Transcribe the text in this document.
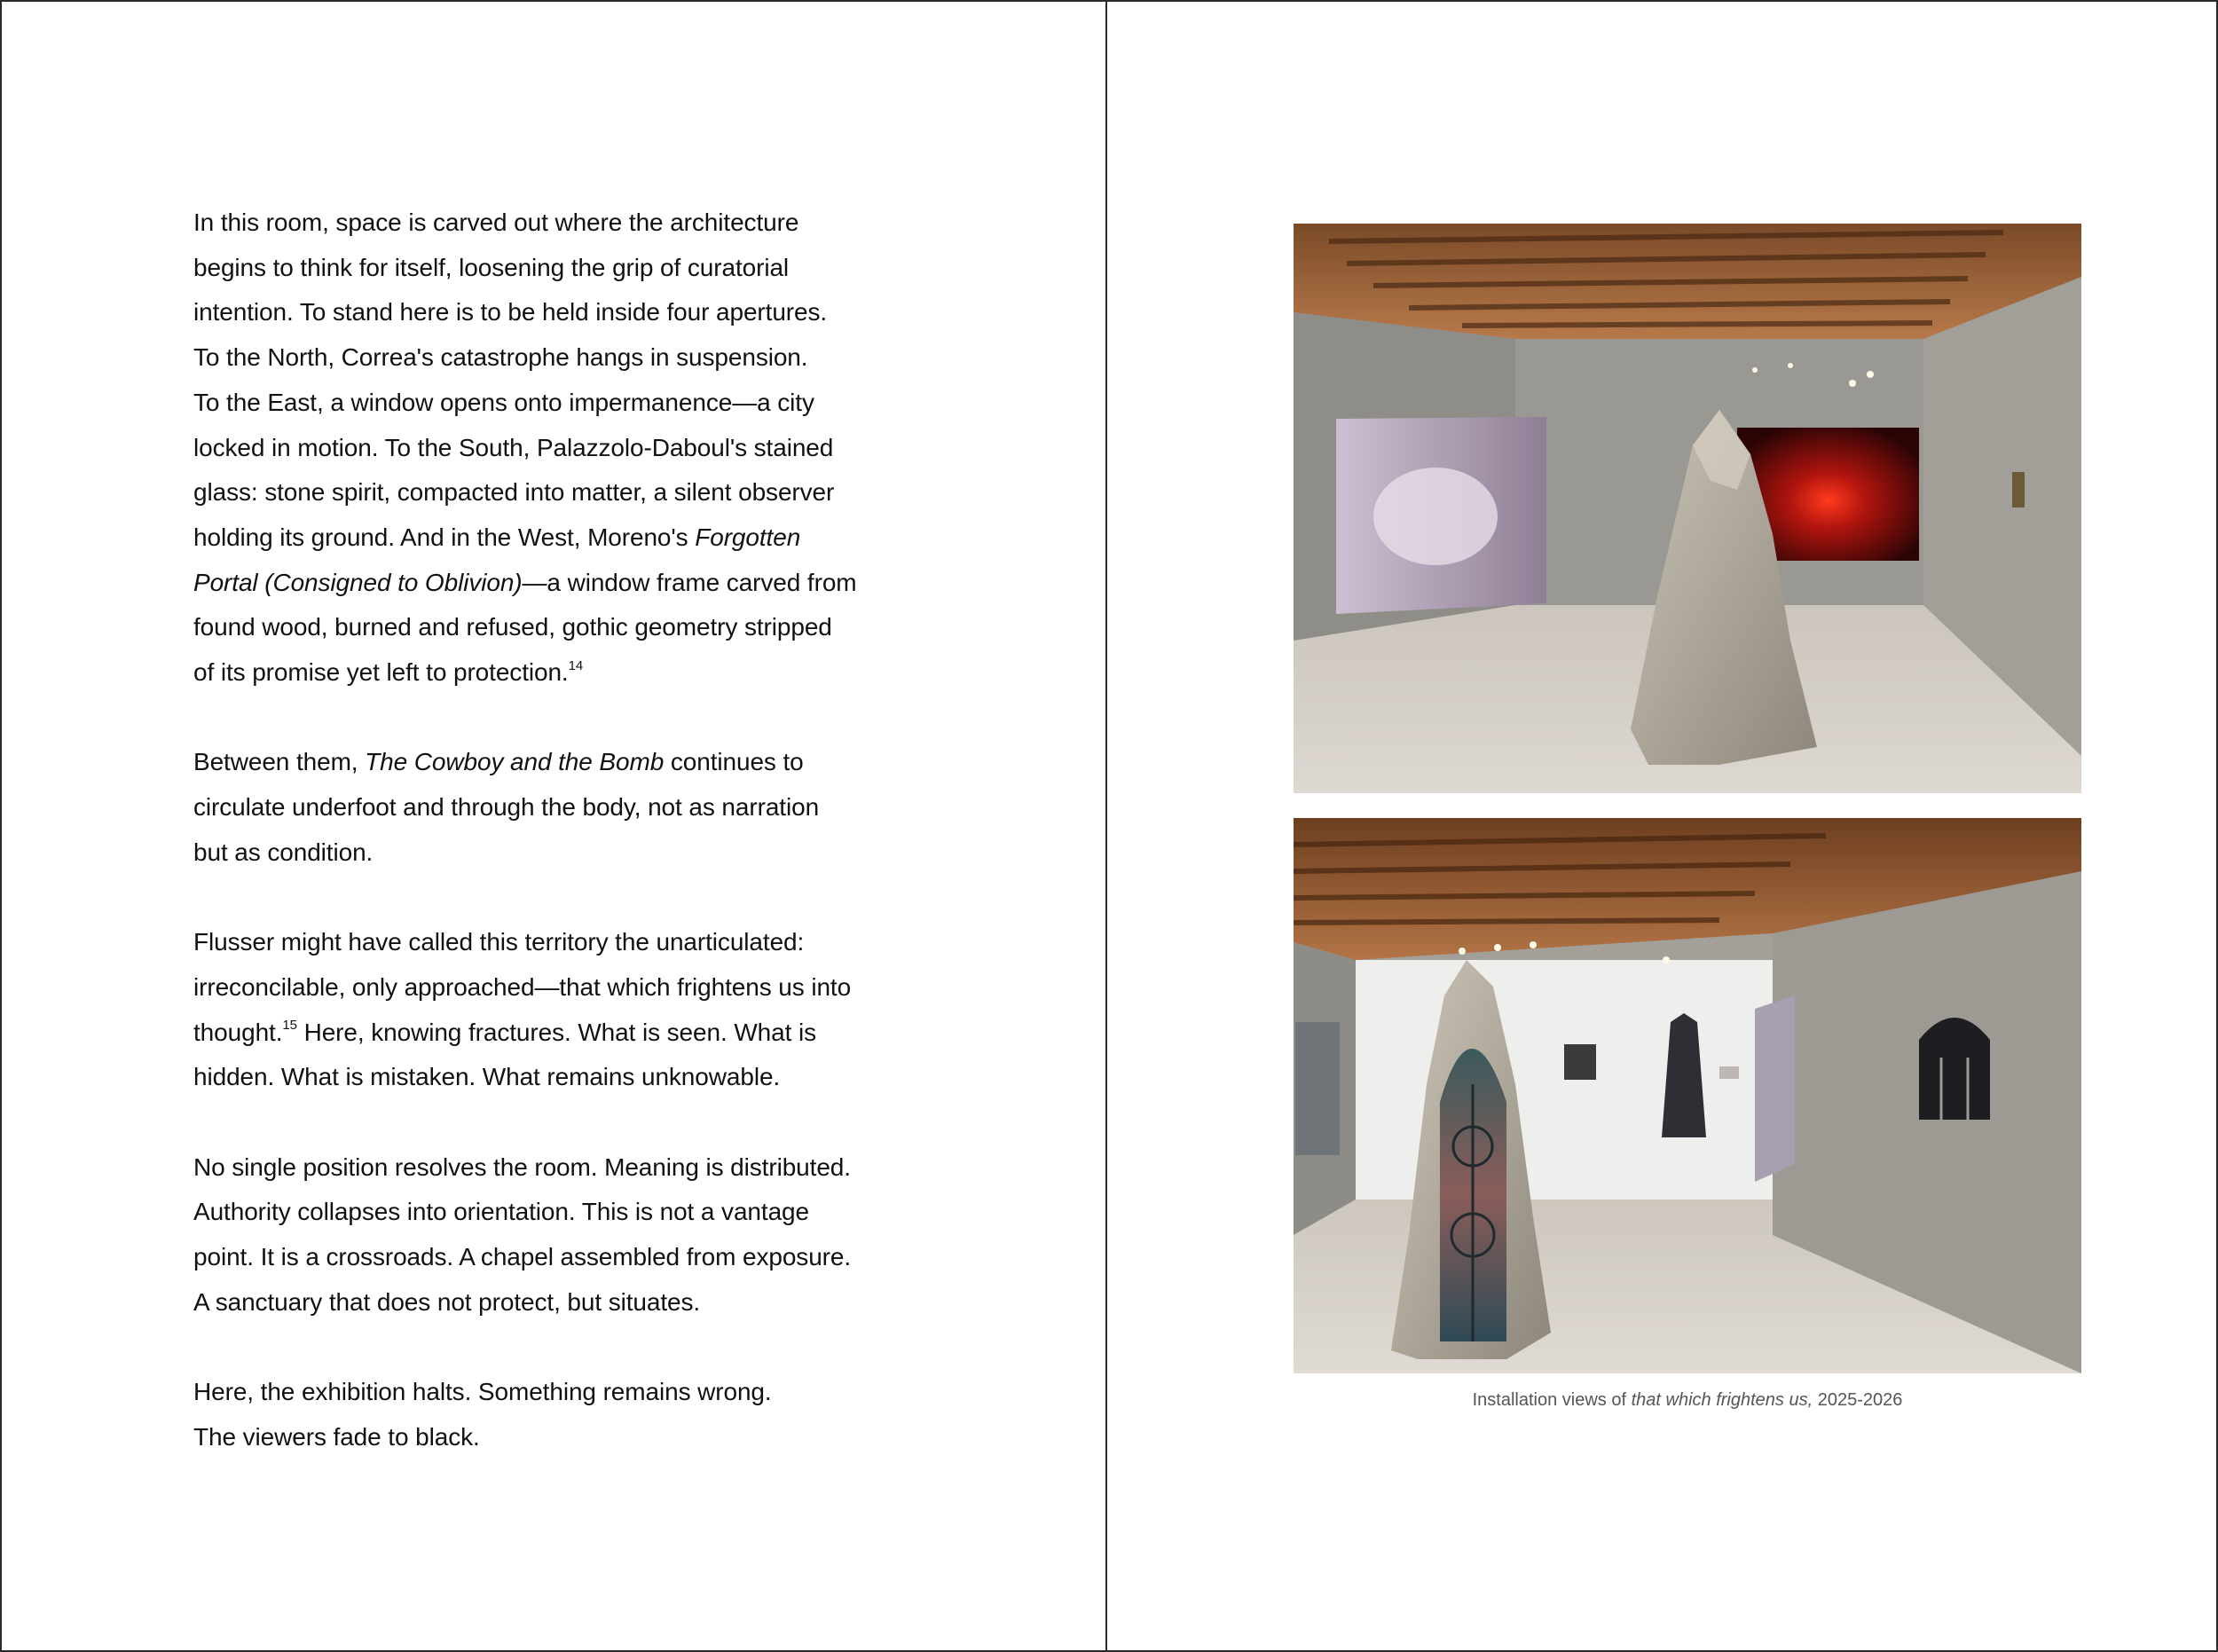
In this room, space is carved out where the architecture
begins to think for itself, loosening the grip of curatorial
intention. To stand here is to be held inside four apertures.
To the North, Correa's catastrophe hangs in suspension.
To the East, a window opens onto impermanence—a city
locked in motion. To the South, Palazzolo-Daboul's stained
glass: stone spirit, compacted into matter, a silent observer
holding its ground. And in the West, Moreno's Forgotten
Portal (Consigned to Oblivion)—a window frame carved from
found wood, burned and refused, gothic geometry stripped
of its promise yet left to protection.$^{14}$

Between them, The Cowboy and the Bomb continues to
circulate underfoot and through the body, not as narration
but as condition.

Flusser might have called this territory the unarticulated:
irreconcilable, only approached—that which frightens us into
thought.$^{15}$ Here, knowing fractures. What is seen. What is
hidden. What is mistaken. What remains unknowable.

No single position resolves the room. Meaning is distributed.
Authority collapses into orientation. This is not a vantage
point. It is a crossroads. A chapel assembled from exposure.
A sanctuary that does not protect, but situates.

Here, the exhibition halts. Something remains wrong.
The viewers fade to black.

Installation views of that which frightens us, 2025-2026
